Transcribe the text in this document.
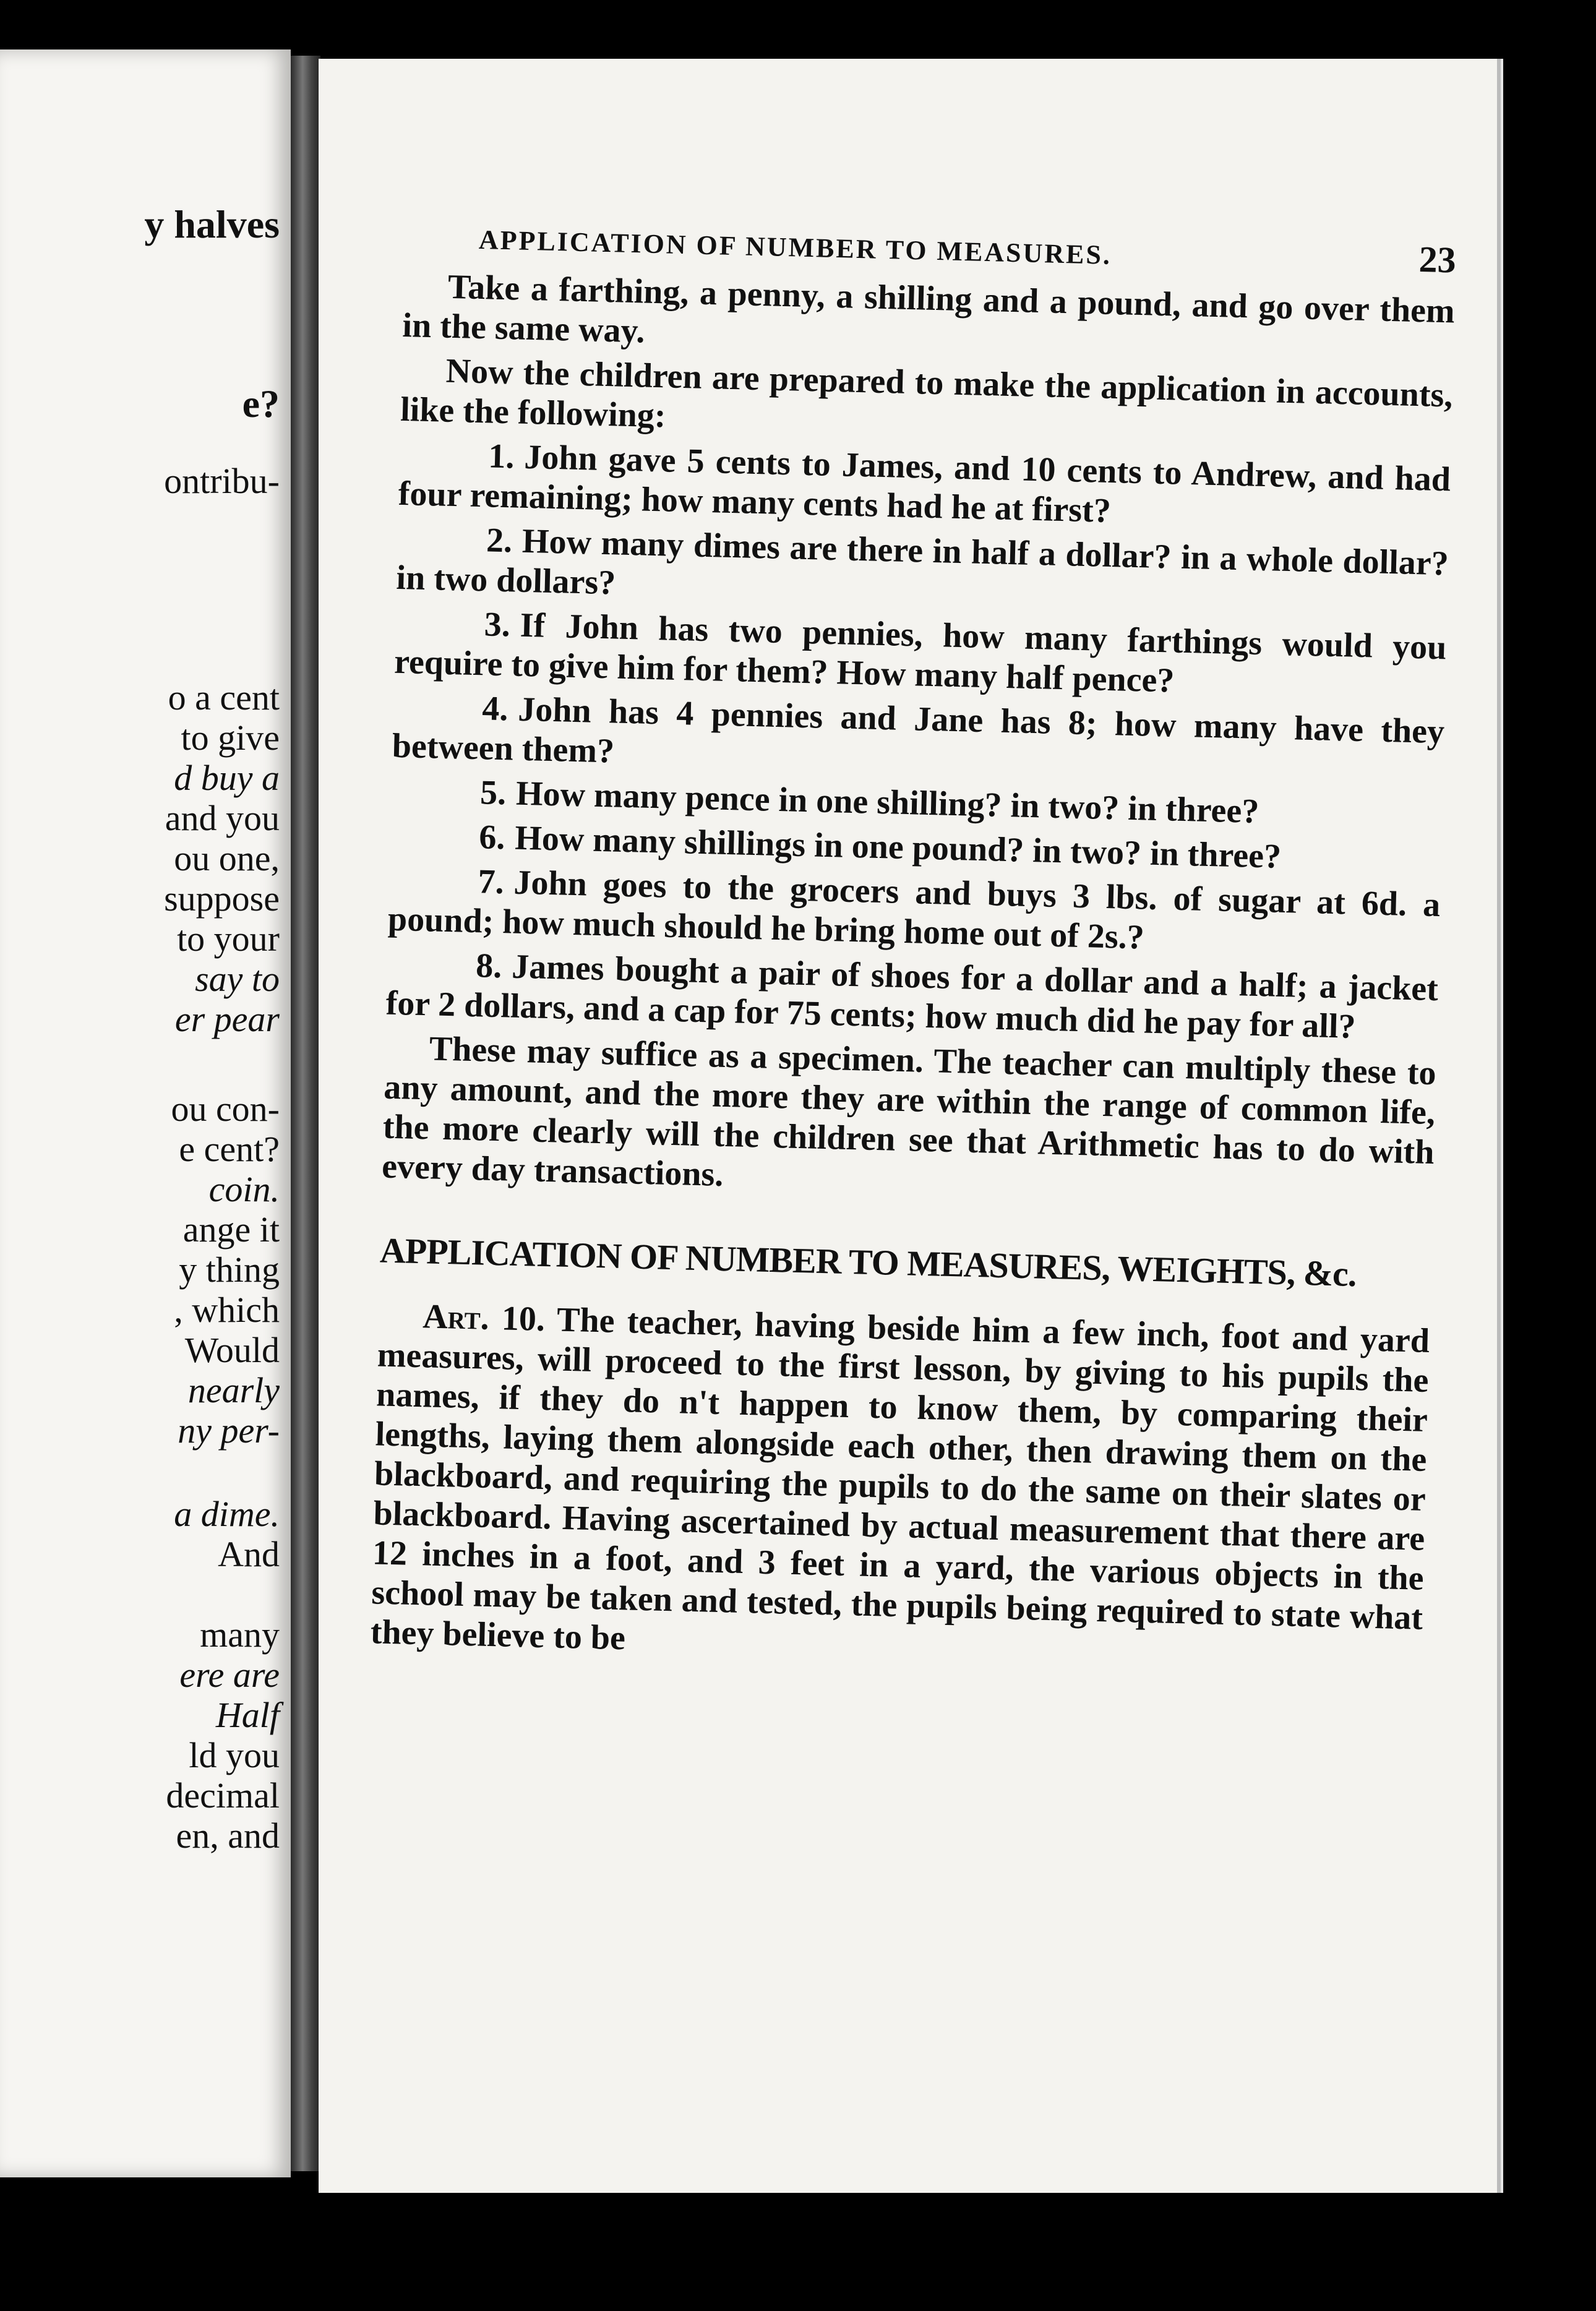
y halves
e?
ontribu-
o a cent
to give
d buy a
and you
ou one,
suppose
to your
say to
er pear
ou con-
e cent?
coin.
ange it
y thing
, which
Would
nearly
ny per-
a dime.
And
many
ere are
Half
ld you
decimal
en, and
APPLICATION OF NUMBER TO MEASURES.	23

Take a farthing, a penny, a shilling and a pound, and go over them in the same way.

Now the children are prepared to make the application in accounts, like the following:

1. John gave 5 cents to James, and 10 cents to Andrew, and had four remaining; how many cents had he at first?

2. How many dimes are there in half a dollar? in a whole dollar? in two dollars?

3. If John has two pennies, how many farthings would you require to give him for them? How many half pence?

4. John has 4 pennies and Jane has 8; how many have they between them?

5. How many pence in one shilling? in two? in three?

6. How many shillings in one pound? in two? in three?

7. John goes to the grocers and buys 3 lbs. of sugar at 6d. a pound; how much should he bring home out of 2s.?

8. James bought a pair of shoes for a dollar and a half; a jacket for 2 dollars, and a cap for 75 cents; how much did he pay for all?

These may suffice as a specimen. The teacher can multiply these to any amount, and the more they are within the range of common life, the more clearly will the children see that Arithmetic has to do with every day transactions.

APPLICATION OF NUMBER TO MEASURES, WEIGHTS, &c.

Art. 10. The teacher, having beside him a few inch, foot and yard measures, will proceed to the first lesson, by giving to his pupils the names, if they do n't happen to know them, by comparing their lengths, laying them alongside each other, then drawing them on the blackboard, and requiring the pupils to do the same on their slates or blackboard. Having ascertained by actual measurement that there are 12 inches in a foot, and 3 feet in a yard, the various objects in the school may be taken and tested, the pupils being required to state what they believe to be
